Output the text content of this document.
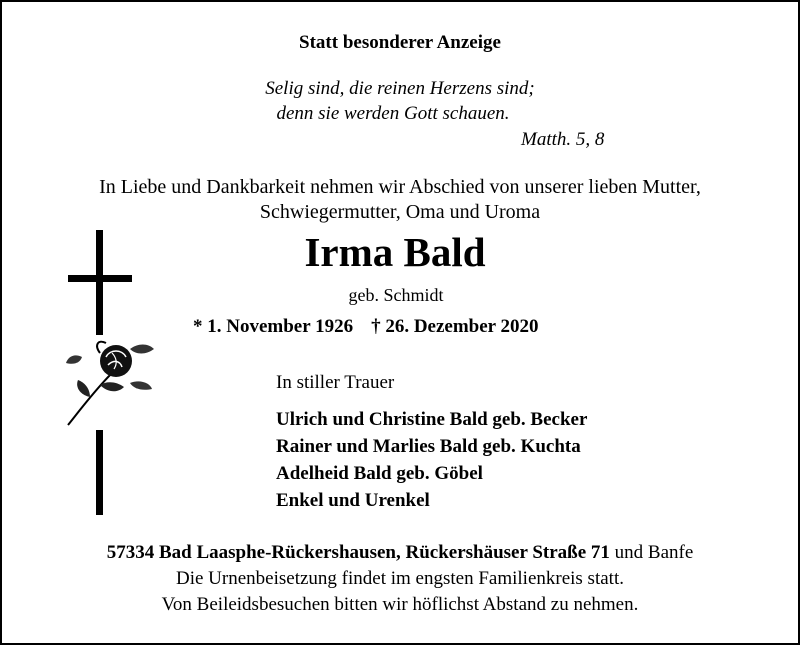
Statt besonderer Anzeige
Selig sind, die reinen Herzens sind;
denn sie werden Gott schauen.
Matth. 5, 8
In Liebe und Dankbarkeit nehmen wir Abschied von unserer lieben Mutter,
Schwiegermutter, Oma und Uroma
Irma Bald
geb. Schmidt
* 1. November 1926 † 26. Dezember 2020
In stiller Trauer
Ulrich und Christine Bald geb. Becker
Rainer und Marlies Bald geb. Kuchta
Adelheid Bald geb. Göbel
Enkel und Urenkel
57334 Bad Laasphe-Rückershausen, Rückershäuser Straße 71 und Banfe
Die Urnenbeisetzung findet im engsten Familienkreis statt.
Von Beileidsbesuchen bitten wir höflichst Abstand zu nehmen.
